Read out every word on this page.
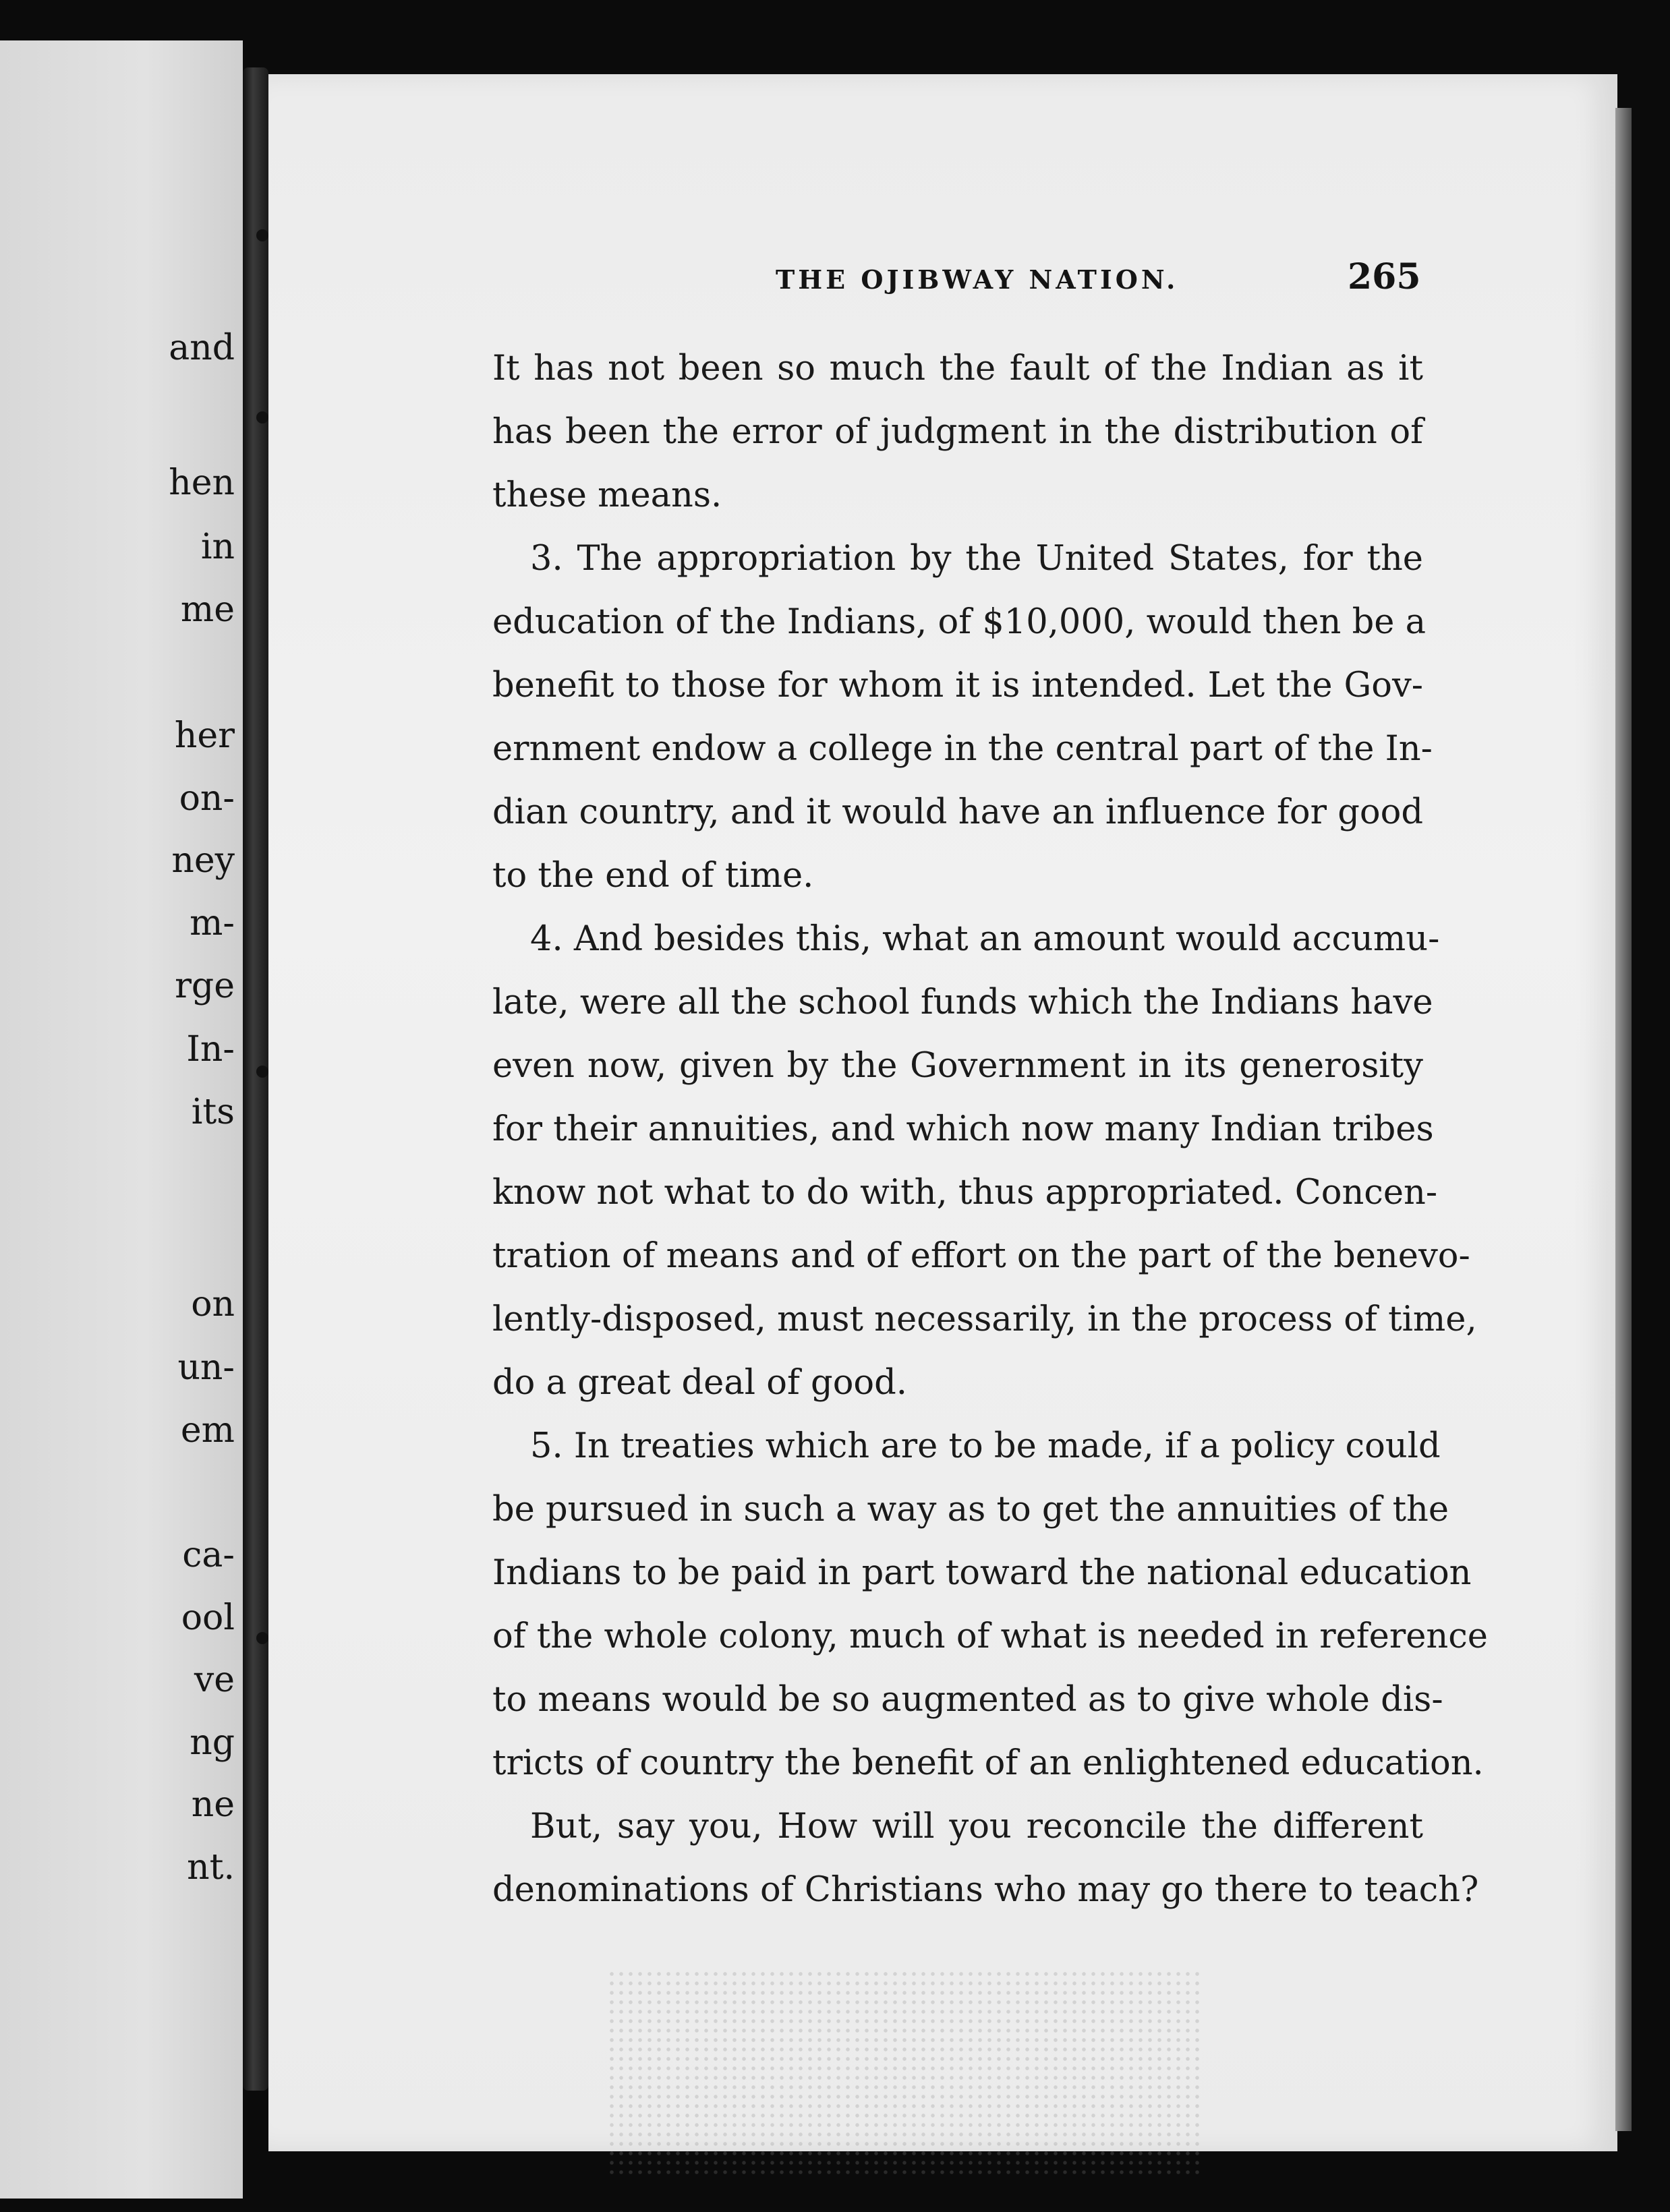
and
hen
in
me
her
on-
ney
m-
rge
In-
its
on
un-
em
ca-
ool
ve
ng
ne
nt.
THE OJIBWAY NATION.	265
It has not been so much the fault of the Indian as it
has been the error of judgment in the distribution of
these means.
3. The appropriation by the United States, for the
education of the Indians, of $10,000, would then be a
benefit to those for whom it is intended. Let the Gov-
ernment endow a college in the central part of the In-
dian country, and it would have an influence for good
to the end of time.
4. And besides this, what an amount would accumu-
late, were all the school funds which the Indians have
even now, given by the Government in its generosity
for their annuities, and which now many Indian tribes
know not what to do with, thus appropriated. Concen-
tration of means and of effort on the part of the benevo-
lently-disposed, must necessarily, in the process of time,
do a great deal of good.
5. In treaties which are to be made, if a policy could
be pursued in such a way as to get the annuities of the
Indians to be paid in part toward the national education
of the whole colony, much of what is needed in reference
to means would be so augmented as to give whole dis-
tricts of country the benefit of an enlightened education.
But, say you, How will you reconcile the different
denominations of Christians who may go there to teach?
